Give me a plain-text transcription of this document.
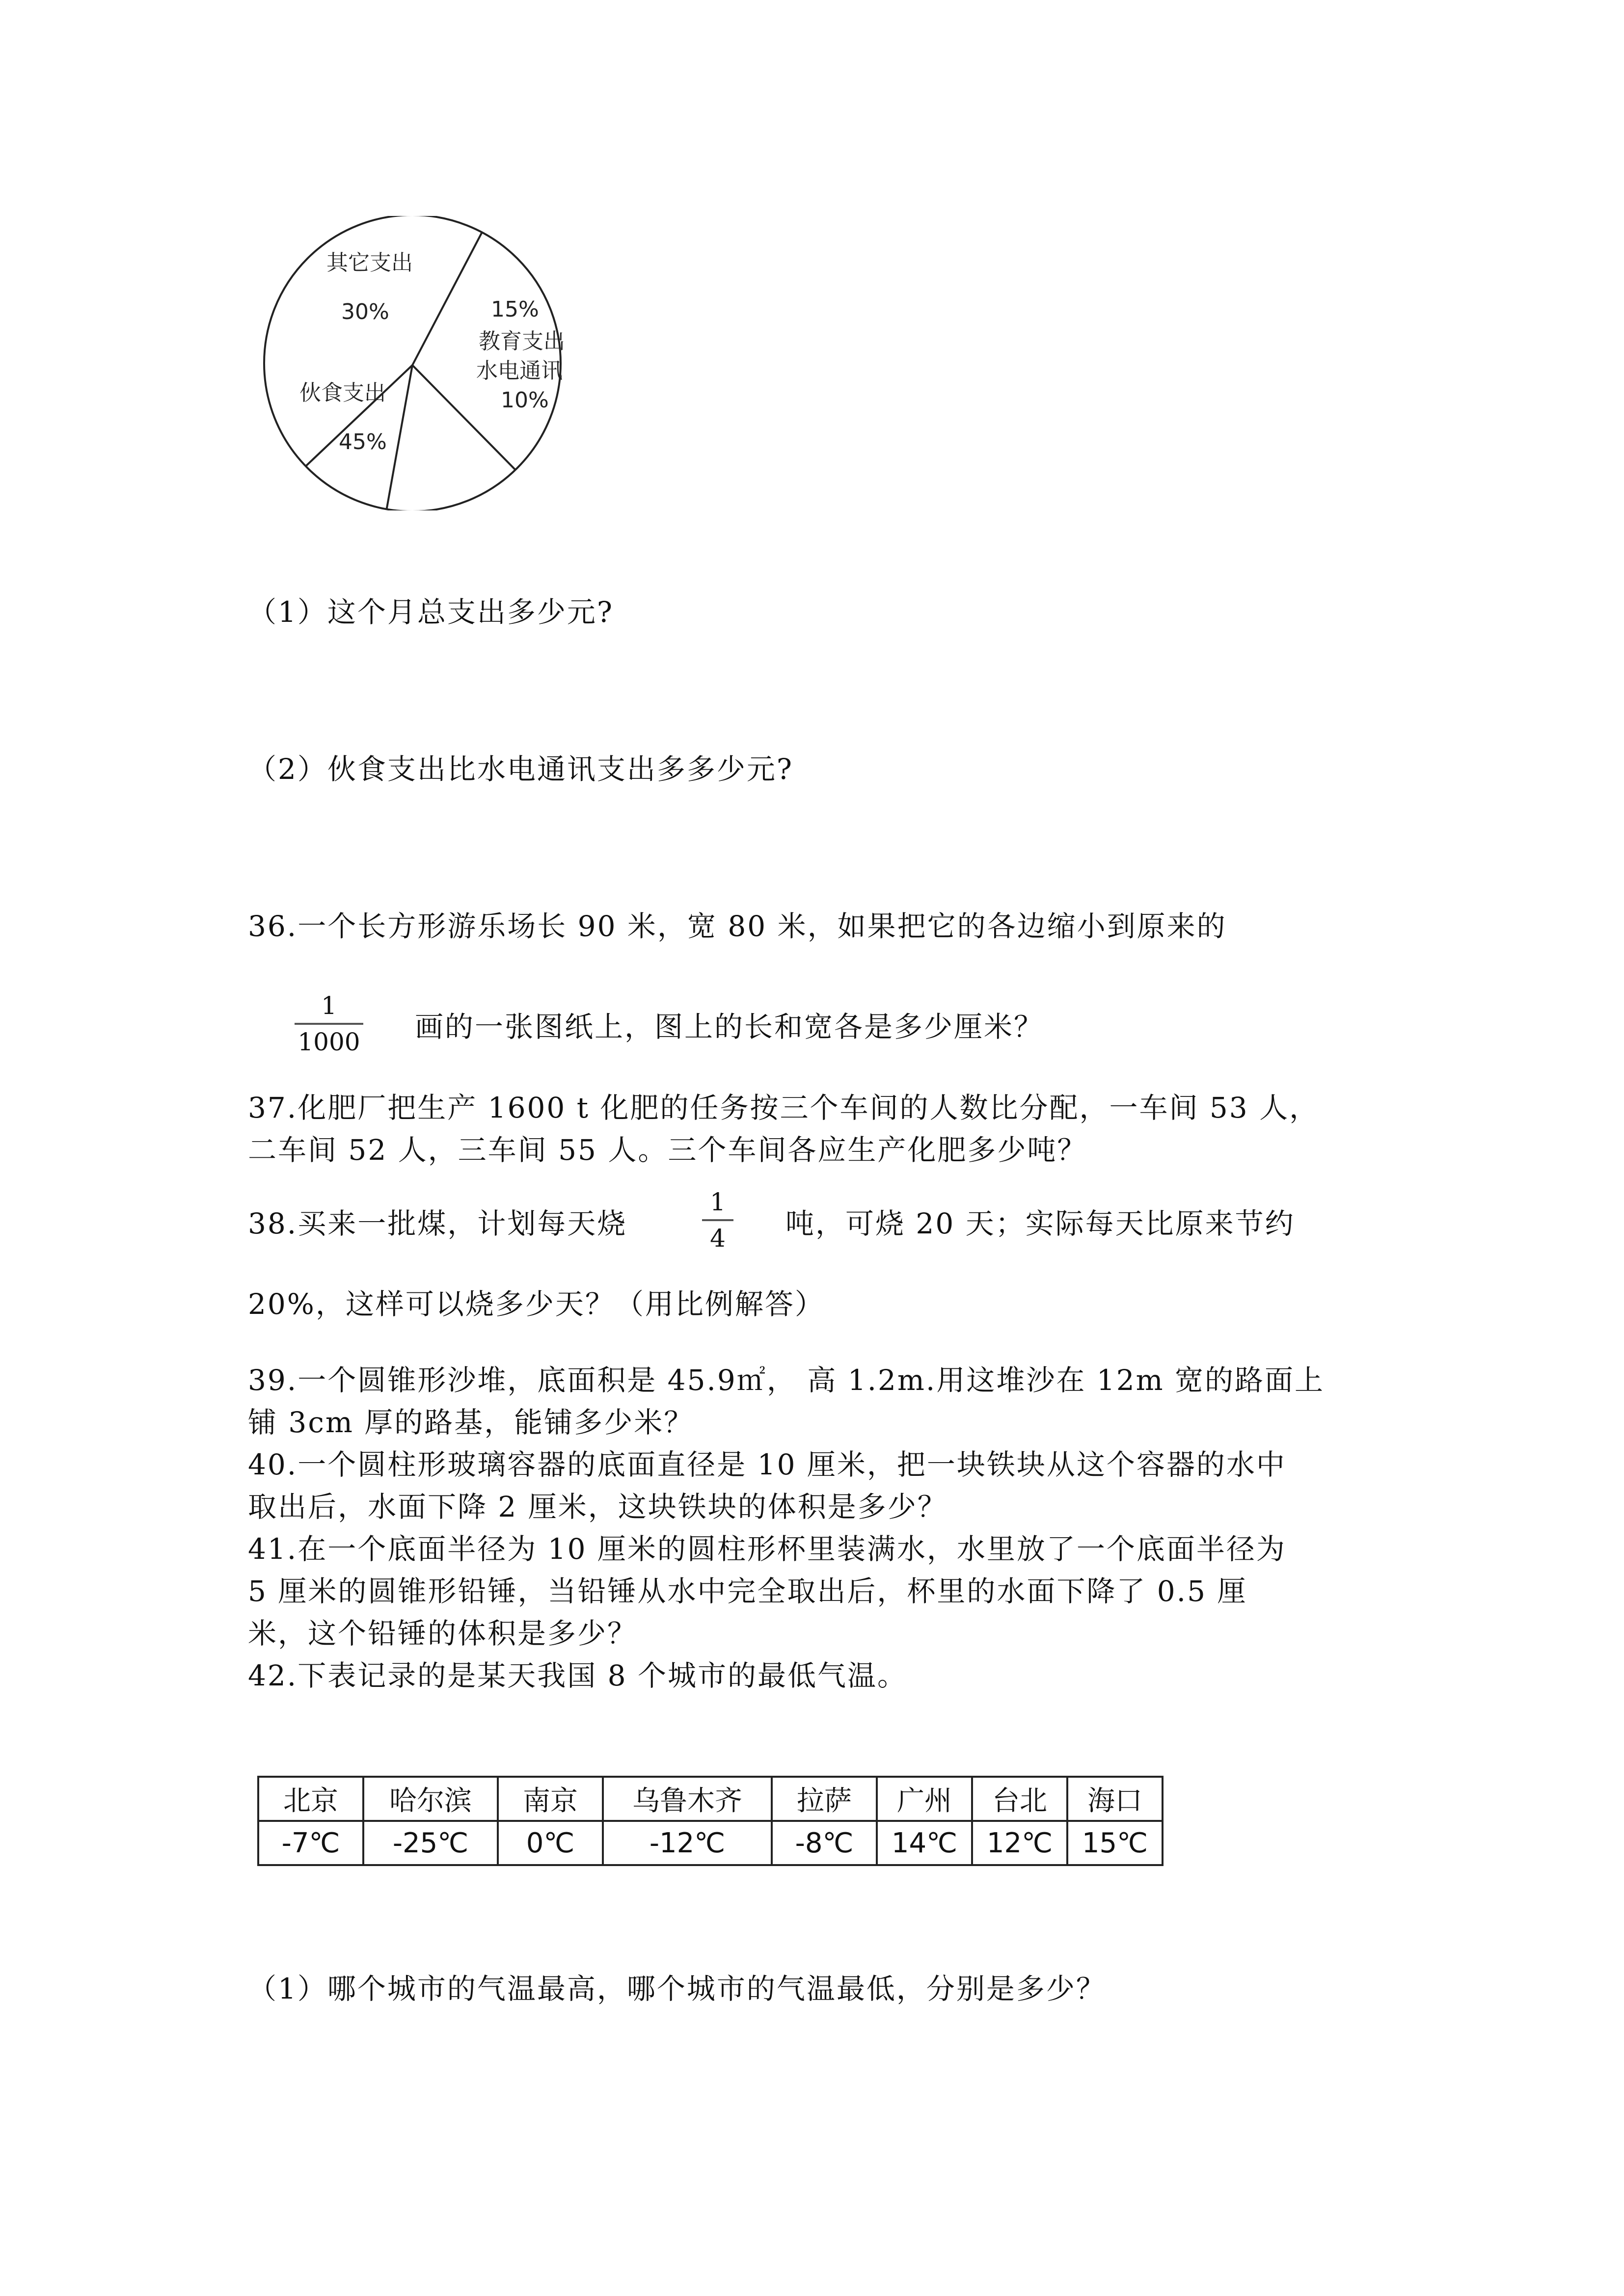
其它支出
30%
教育支出
15%
水电通讯
10%
伙食支出
45%
（1）这个月总支出多少元?
（2）伙食支出比水电通讯支出多多少元?
36.一个长方形游乐场长 90 米，宽 80 米，如果把它的各边缩小到原来的
1
1000 画的一张图纸上，图上的长和宽各是多少厘米？
37.化肥厂把生产 1600 t 化肥的任务按三个车间的人数比分配，一车间 53 人，
二车间 52 人，三车间 55 人。三个车间各应生产化肥多少吨？
38.买来一批煤，计划每天烧
1
4 吨，可烧 20 天；实际每天比原来节约
20%，这样可以烧多少天？（用比例解答）
39.一个圆锥形沙堆，底面积是 45.9㎡， 高 1.2m.用这堆沙在 12m 宽的路面上
铺 3cm 厚的路基，能铺多少米？
40.一个圆柱形玻璃容器的底面直径是 10 厘米，把一块铁块从这个容器的水中
取出后，水面下降 2 厘米，这块铁块的体积是多少？
41.在一个底面半径为 10 厘米的圆柱形杯里装满水，水里放了一个底面半径为
5 厘米的圆锥形铅锤，当铅锤从水中完全取出后，杯里的水面下降了 0.5 厘
米，这个铅锤的体积是多少？
42.下表记录的是某天我国 8 个城市的最低气温。
北京	哈尔滨	南京	乌鲁木齐	拉萨	广州	台北	海口
-7℃	-25℃	0℃	-12℃	-8℃	14℃	12℃	15℃
（1）哪个城市的气温最高，哪个城市的气温最低，分别是多少？
